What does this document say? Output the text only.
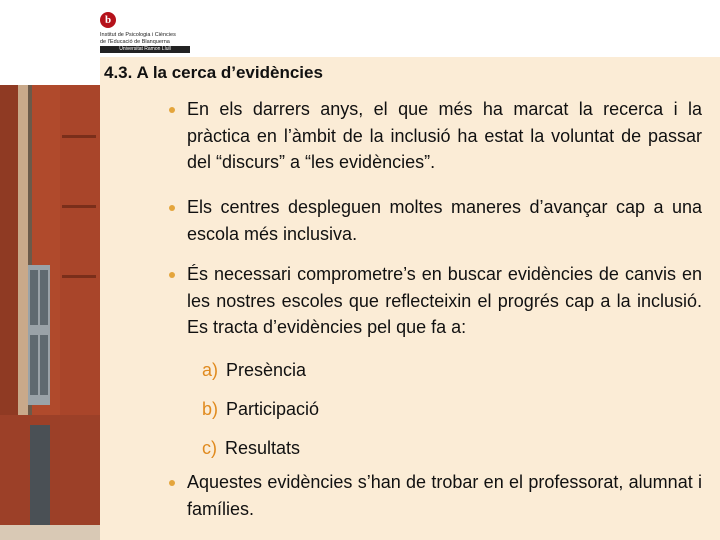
b
Institut de Psicologia i Ciències
de l'Educació de Blanquerna
Universitat Ramon Llull
4.3. A la cerca d’evidències

En els darrers anys, el que més ha marcat la recerca i la pràctica en l’àmbit de la inclusió ha estat la voluntat de passar del “discurs” a “les evidències”.

Els centres despleguen moltes maneres d’avançar cap a una escola més inclusiva.

És necessari comprometre’s en buscar evidències de canvis en les nostres escoles que reflecteixin el progrés cap a la inclusió. Es tracta d’evidències pel que fa a:

a) Presència
b) Participació
c) Resultats

Aquestes evidències s’han de trobar en el professorat, alumnat i famílies.
